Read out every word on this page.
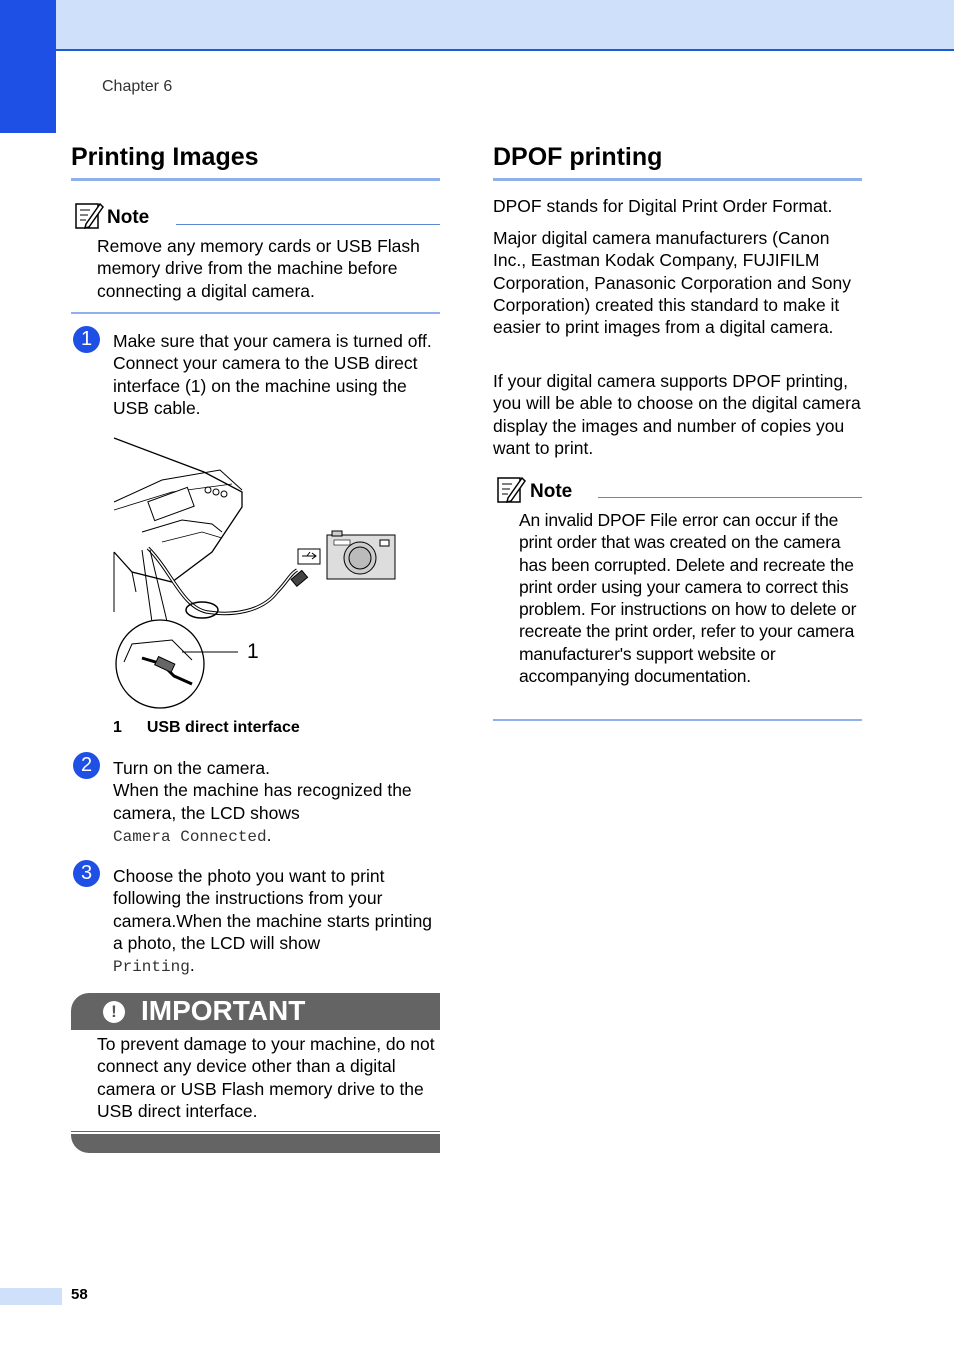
Chapter 6
Printing Images
Note
Remove any memory cards or USB Flash memory drive from the machine before connecting a digital camera.
1	Make sure that your camera is turned off. Connect your camera to the USB direct interface (1) on the machine using the USB cable.
1
1 USB direct interface
2	Turn on the camera.
When the machine has recognized the camera, the LCD shows
Camera Connected.
3	Choose the photo you want to print following the instructions from your camera.When the machine starts printing a photo, the LCD will show
Printing.
! IMPORTANT
To prevent damage to your machine, do not connect any device other than a digital camera or USB Flash memory drive to the USB direct interface.
DPOF printing
DPOF stands for Digital Print Order Format.
Major digital camera manufacturers (Canon Inc., Eastman Kodak Company, FUJIFILM Corporation, Panasonic Corporation and Sony Corporation) created this standard to make it easier to print images from a digital camera.
If your digital camera supports DPOF printing, you will be able to choose on the digital camera display the images and number of copies you want to print.
Note
An invalid DPOF File error can occur if the print order that was created on the camera has been corrupted. Delete and recreate the print order using your camera to correct this problem. For instructions on how to delete or recreate the print order, refer to your camera manufacturer's support website or accompanying documentation.
58
